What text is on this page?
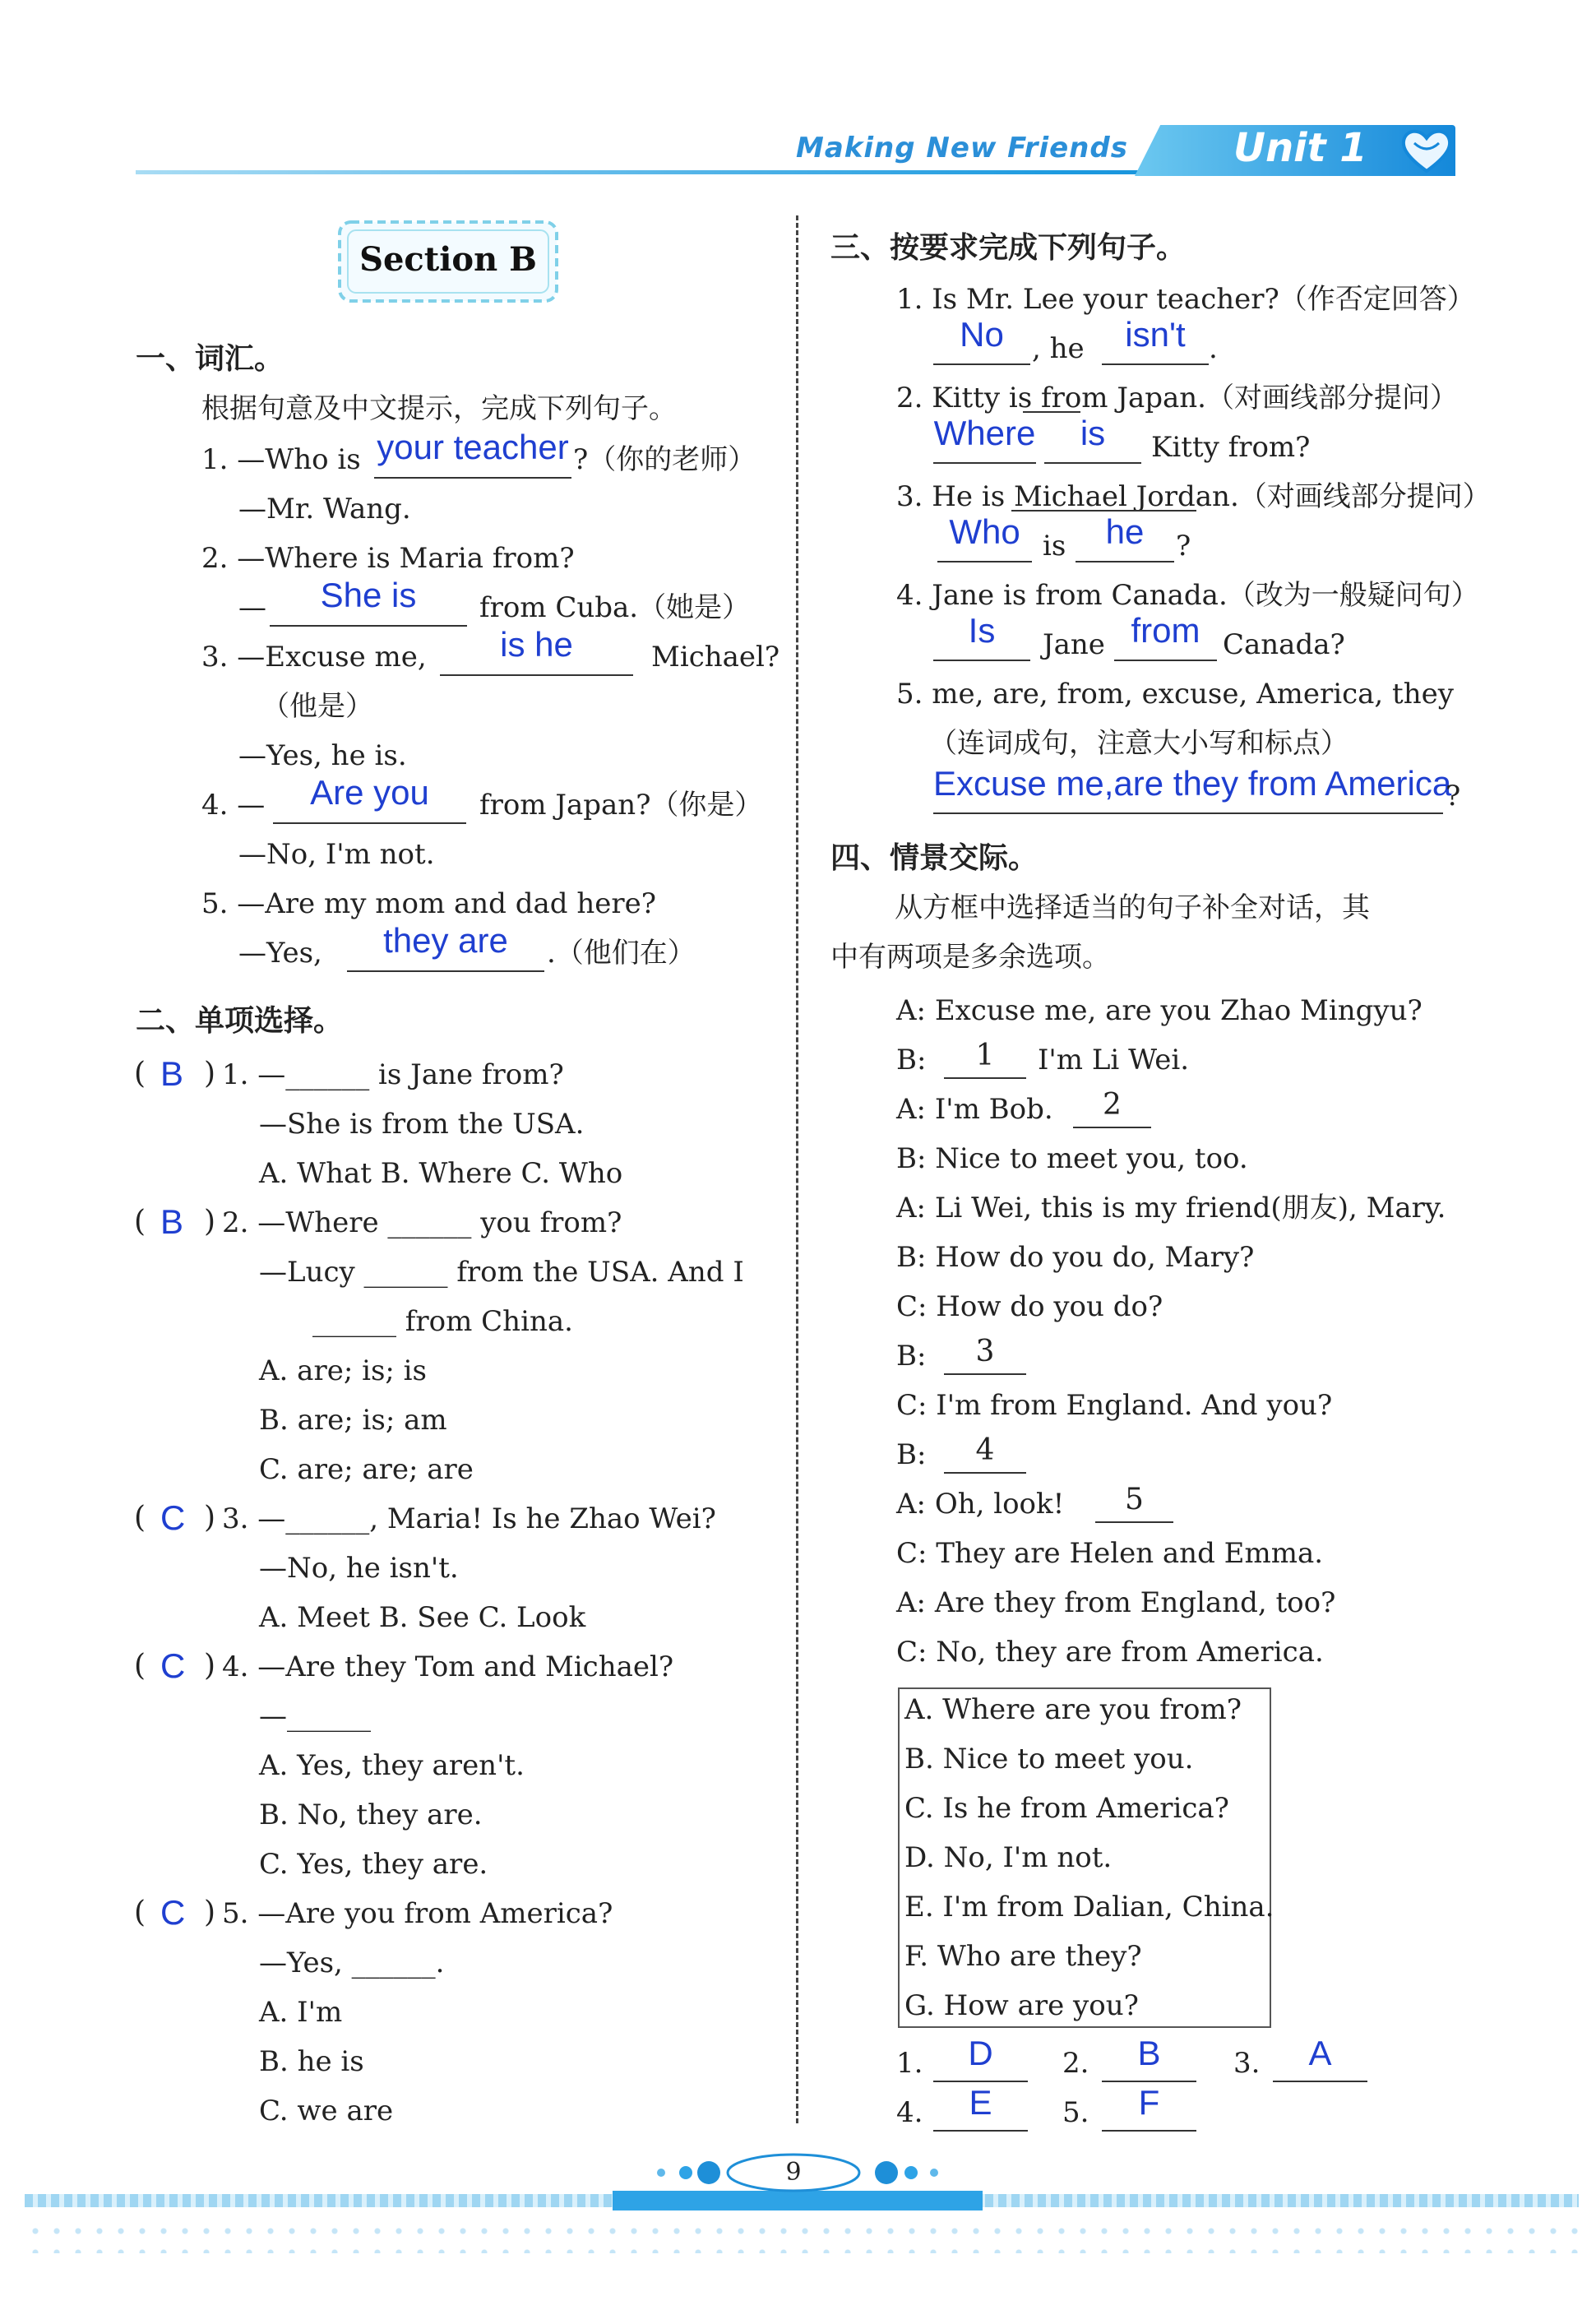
Making New Friends	Unit 1
Section B
一、词汇。
根据句意及中文提示，完成下列句子。
1. —Who is your teacher ?（你的老师）
—Mr. Wang.
2. —Where is Maria from?
—	She is	from Cuba.（她是）
3. —Excuse me,	is he	Michael?
（他是）
—Yes, he is.
4. —	Are you	from Japan?（你是）
—No, I'm not.
5. —Are my mom and dad here?
—Yes,	they are	.（他们在）
二、单项选择。
( B ) 1. —______ is Jane from?
—She is from the USA.
A. What B. Where C. Who
( B ) 2. —Where ______ you from?
—Lucy ______ from the USA. And I
______ from China.
A. are; is; is
B. are; is; am
C. are; are; are
( C ) 3. —______, Maria! Is he Zhao Wei?
—No, he isn't.
A. Meet B. See C. Look
( C ) 4. —Are they Tom and Michael?
—______
A. Yes, they aren't.
B. No, they are.
C. Yes, they are.
( C ) 5. —Are you from America?
—Yes, ______.
A. I'm
B. he is
C. we are
三、按要求完成下列句子。
1. Is Mr. Lee your teacher?（作否定回答）
No	, he	isn't .
2. Kitty is from Japan.（对画线部分提问）
Where	is	Kitty from?
3. He is Michael Jordan.（对画线部分提问）
Who is	he	?
4. Jane is from Canada.（改为一般疑问句）
Is	Jane from Canada?
5. me, are, from, excuse, America, they
（连词成句，注意大小写和标点）
Excuse me,are they from America
?
四、情景交际。
从方框中选择适当的句子补全对话，其
中有两项是多余选项。
A: Excuse me, are you Zhao Mingyu?
B:	1	I'm Li Wei.
A: I'm Bob.	2
B: Nice to meet you, too.
A: Li Wei, this is my friend(朋友), Mary.
B: How do you do, Mary?
C: How do you do?
B:	3
C: I'm from England. And you?
B:	4
A: Oh, look!	5
C: They are Helen and Emma.
A: Are they from England, too?
C: No, they are from America.
A. Where are you from?
B. Nice to meet you.
C. Is he from America?
D. No, I'm not.
E. I'm from Dalian, China.
F. Who are they?
G. How are you?
1.	D	2.	B	3.	A
4.	E	5.	F
9
